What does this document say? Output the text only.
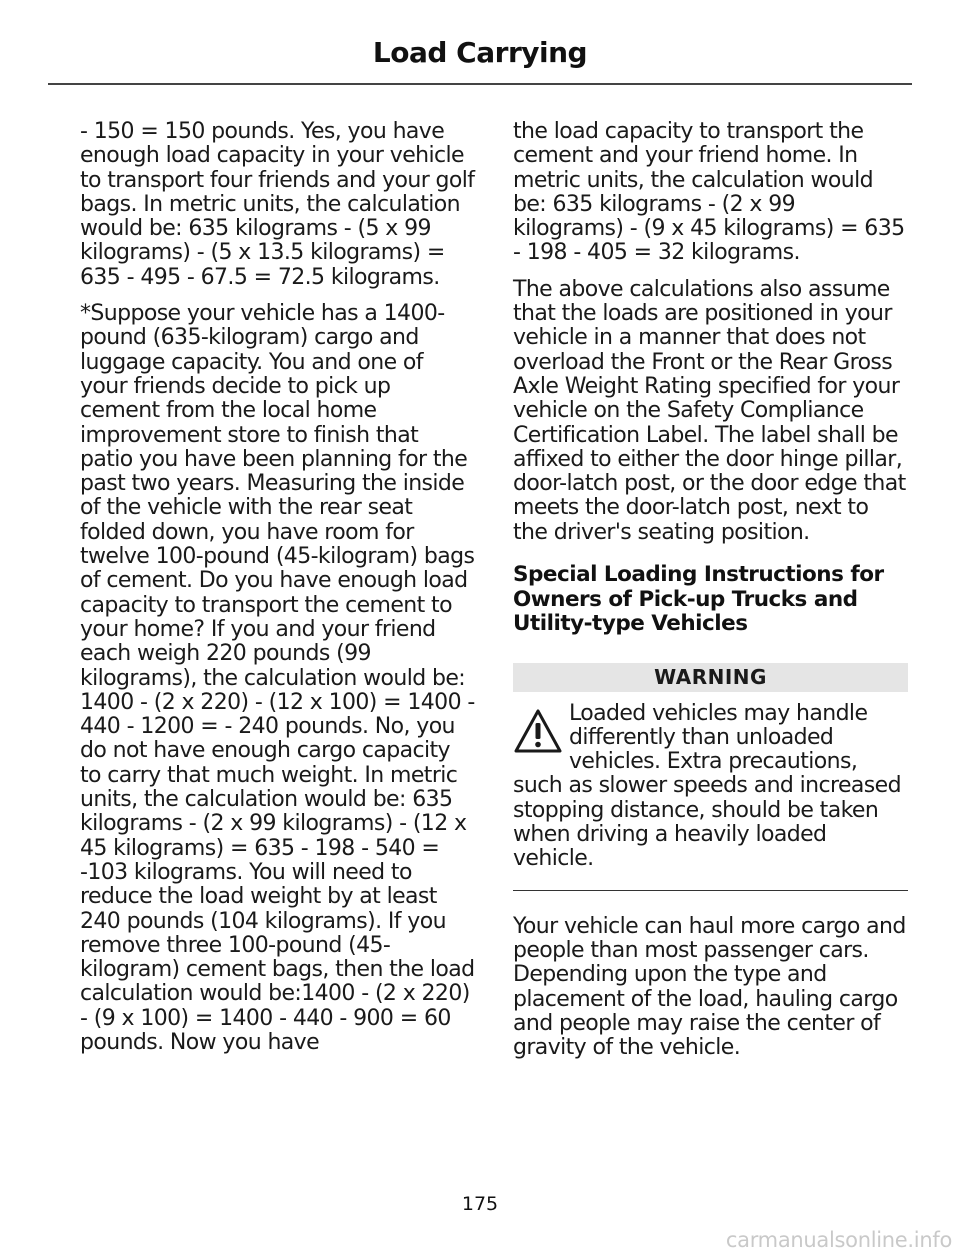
Load Carrying

- 150 = 150 pounds. Yes, you have enough load capacity in your vehicle to transport four friends and your golf bags. In metric units, the calculation would be: 635 kilograms - (5 x 99 kilograms) - (5 x 13.5 kilograms) = 635 - 495 - 67.5 = 72.5 kilograms.

*Suppose your vehicle has a 1400-pound (635-kilogram) cargo and luggage capacity. You and one of your friends decide to pick up cement from the local home improvement store to finish that patio you have been planning for the past two years. Measuring the inside of the vehicle with the rear seat folded down, you have room for twelve 100-pound (45-kilogram) bags of cement. Do you have enough load capacity to transport the cement to your home? If you and your friend each weigh 220 pounds (99 kilograms), the calculation would be: 1400 - (2 x 220) - (12 x 100) = 1400 - 440 - 1200 = - 240 pounds. No, you do not have enough cargo capacity to carry that much weight. In metric units, the calculation would be: 635 kilograms - (2 x 99 kilograms) - (12 x 45 kilograms) = 635 - 198 - 540 = -103 kilograms. You will need to reduce the load weight by at least 240 pounds (104 kilograms). If you remove three 100-pound (45-kilogram) cement bags, then the load calculation would be:1400 - (2 x 220) - (9 x 100) = 1400 - 440 - 900 = 60 pounds. Now you have

the load capacity to transport the cement and your friend home. In metric units, the calculation would be: 635 kilograms - (2 x 99 kilograms) - (9 x 45 kilograms) = 635 - 198 - 405 = 32 kilograms.

The above calculations also assume that the loads are positioned in your vehicle in a manner that does not overload the Front or the Rear Gross Axle Weight Rating specified for your vehicle on the Safety Compliance Certification Label. The label shall be affixed to either the door hinge pillar, door-latch post, or the door edge that meets the door-latch post, next to the driver's seating position.

Special Loading Instructions for Owners of Pick-up Trucks and Utility-type Vehicles
WARNING
Loaded vehicles may handle differently than unloaded vehicles. Extra precautions, such as slower speeds and increased stopping distance, should be taken when driving a heavily loaded vehicle.

Your vehicle can haul more cargo and people than most passenger cars. Depending upon the type and placement of the load, hauling cargo and people may raise the center of gravity of the vehicle.

175
carmanualsonline.info
